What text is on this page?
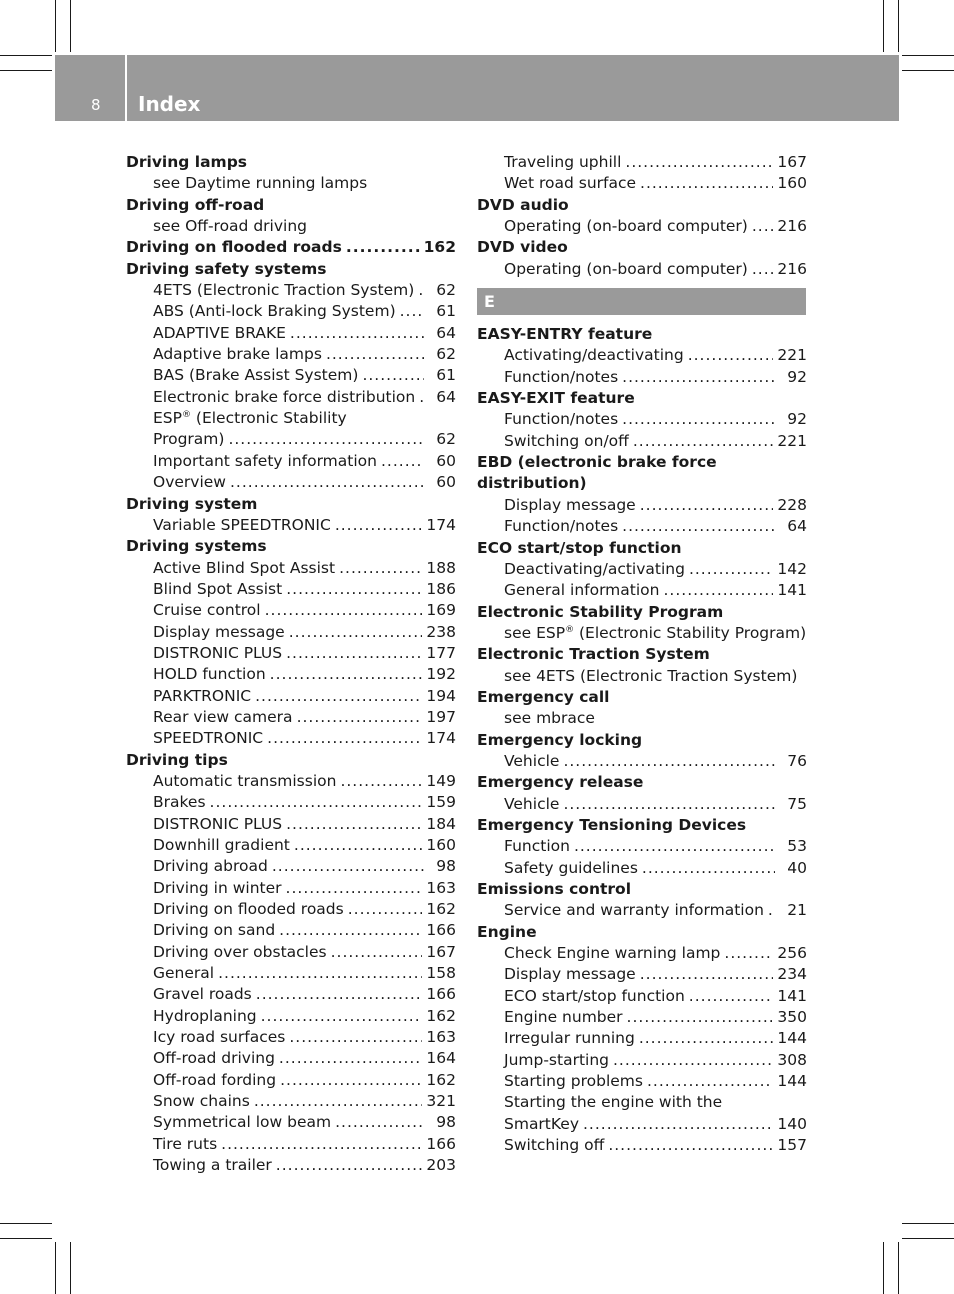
8 Index
Driving lamps
see Daytime running lamps
Driving off-road
see Off-road driving
Driving on flooded roads .....	162
Driving safety systems
4ETS (Electronic Traction System) .....	62
ABS (Anti-lock Braking System) .....	61
ADAPTIVE BRAKE .....	64
Adaptive brake lamps .....	62
BAS (Brake Assist System) .....	61
Electronic brake force distribution .....	64
ESP® (Electronic Stability
Program) .....	62
Important safety information .....	60
Overview .....	60
Driving system
Variable SPEEDTRONIC .....	174
Driving systems
Active Blind Spot Assist .....	188
Blind Spot Assist .....	186
Cruise control .....	169
Display message .....	238
DISTRONIC PLUS .....	177
HOLD function .....	192
PARKTRONIC .....	194
Rear view camera .....	197
SPEEDTRONIC .....	174
Driving tips
Automatic transmission .....	149
Brakes .....	159
DISTRONIC PLUS .....	184
Downhill gradient .....	160
Driving abroad .....	98
Driving in winter .....	163
Driving on flooded roads .....	162
Driving on sand .....	166
Driving over obstacles .....	167
General .....	158
Gravel roads .....	166
Hydroplaning .....	162
Icy road surfaces .....	163
Off-road driving .....	164
Off-road fording .....	162
Snow chains .....	321
Symmetrical low beam .....	98
Tire ruts .....	166
Towing a trailer .....	203
Traveling uphill .....	167
Wet road surface .....	160
DVD audio
Operating (on-board computer) ..... 216
DVD video
Operating (on-board computer) ..... 216
E
EASY-ENTRY feature
Activating/deactivating .....	221
Function/notes .....	92
EASY-EXIT feature
Function/notes .....	92
Switching on/off .....	221
EBD (electronic brake force
distribution)
Display message .....	228
Function/notes .....	64
ECO start/stop function
Deactivating/activating .....	142
General information .....	141
Electronic Stability Program
see ESP® (Electronic Stability Program)
Electronic Traction System
see 4ETS (Electronic Traction System)
Emergency call
see mbrace
Emergency locking
Vehicle .....	76
Emergency release
Vehicle .....	75
Emergency Tensioning Devices
Function .....	53
Safety guidelines .....	40
Emissions control
Service and warranty information .....	21
Engine
Check Engine warning lamp .....	256
Display message .....	234
ECO start/stop function .....	141
Engine number .....	350
Irregular running .....	144
Jump-starting .....	308
Starting problems .....	144
Starting the engine with the
SmartKey .....	140
Switching off .....	157
